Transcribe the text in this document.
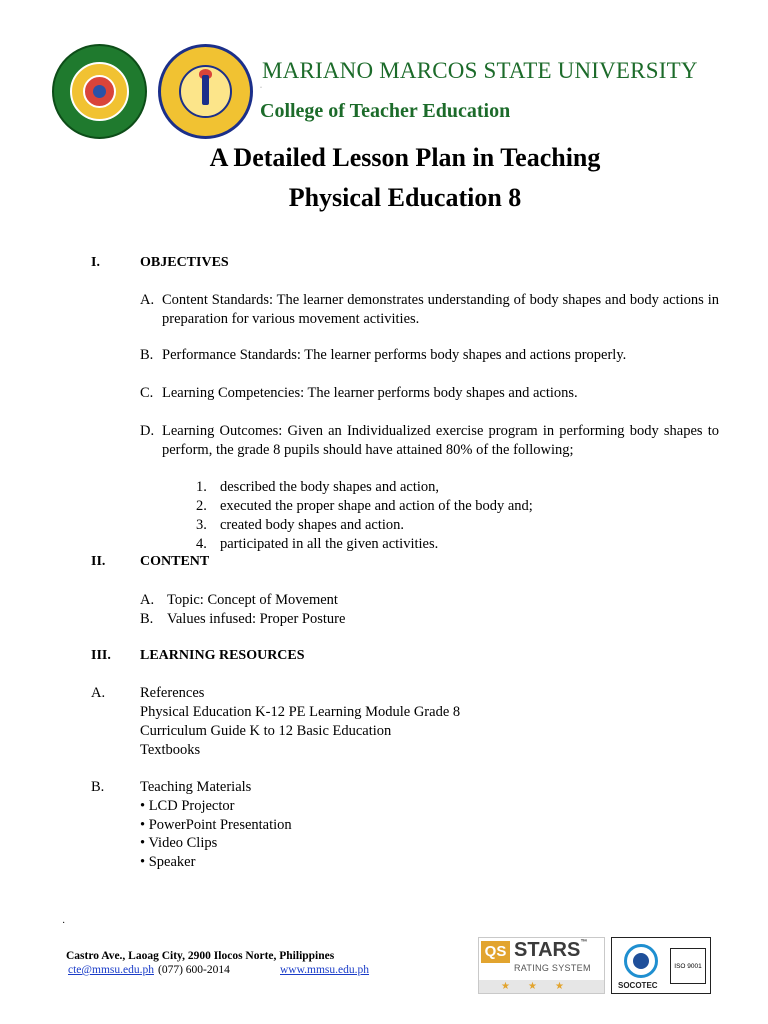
MARIANO MARCOS STATE UNIVERSITY
·
College of Teacher Education
A Detailed Lesson Plan in Teaching
Physical Education 8
I.	OBJECTIVES
A. Content Standards: The learner demonstrates understanding of body shapes and body actions in preparation for various movement activities.
B. Performance Standards: The learner performs body shapes and actions properly.
C. Learning Competencies: The learner performs body shapes and actions.
D. Learning Outcomes: Given an Individualized exercise program in performing body shapes to perform, the grade 8 pupils should have attained 80% of the following;
1. described the body shapes and action,
2. executed the proper shape and action of the body and;
3. created body shapes and action.
4. participated in all the given activities.
II. CONTENT
A. Topic: Concept of Movement
B. Values infused: Proper Posture
III. LEARNING RESOURCES
A. References
Physical Education K-12 PE Learning Module Grade 8
Curriculum Guide K to 12 Basic Education
Textbooks
B. Teaching Materials
• LCD Projector
• PowerPoint Presentation
• Video Clips
• Speaker
·
Castro Ave., Laoag City, 2900 Ilocos Norte, Philippines
cte@mmsu.edu.ph (077) 600-2014	www.mmsu.edu.ph
QS STARS™
RATING SYSTEM
★★★	SOCOTEC
ISO 9001
